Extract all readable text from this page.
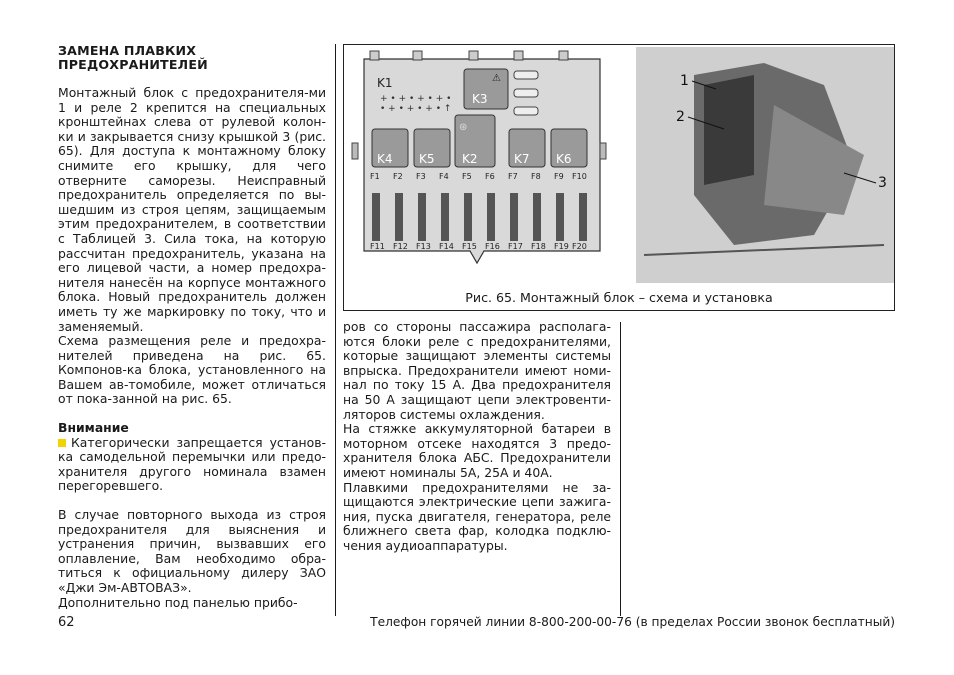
ЗАМЕНА ПЛАВКИХ
ПРЕДОХРАНИТЕЛЕЙ

Монтажный блок с предохранителя-ми 1 и реле 2 крепится на специальных кронштейнах слева от рулевой колон-ки и закрывается снизу крышкой 3 (рис. 65). Для доступа к монтажному блоку снимите его крышку, для чего отверните саморезы. Неисправный предохранитель определяется по вы-шедшим из строя цепям, защищаемым этим предохранителем, в соответствии с Таблицей 3. Сила тока, на которую рассчитан предохранитель, указана на его лицевой части, а номер предохра-нителя нанесён на корпусе монтажного блока. Новый предохранитель должен иметь ту же маркировку по току, что и заменяемый.

Схема размещения реле и предохра-нителей приведена на рис. 65. Компонов-ка блока, установленного на Вашем ав-томобиле, может отличаться от пока-занной на рис. 65.

Внимание

Категорически запрещается установ-ка самодельной перемычки или предо-хранителя другого номинала взамен перегоревшего.

В случае повторного выхода из строя предохранителя для выяснения и устранения причин, вызвавших его оплавление, Вам необходимо обра-титься к официальному дилеру ЗАО «Джи Эм-АВТОВАЗ».

Дополнительно под панелью прибо-

K1
+ • + • + • + •
• + • + • + • ↑
⚠
K3
K4 K5
⊛
K2	K7 K6
F1 F2 F3 F4 F5 F6 F7 F8 F9 F10
F11 F12 F13 F14 F15 F16 F17 F18 F19 F20
1
2
3
Рис. 65. Монтажный блок – схема и установка

ров со стороны пассажира располага-ются блоки реле с предохранителями, которые защищают элементы системы впрыска. Предохранители имеют номи-нал по току 15 А. Два предохранителя на 50 А защищают цепи электровенти-ляторов системы охлаждения.

На стяжке аккумуляторной батареи в моторном отсеке находятся 3 предо-хранителя блока АБС. Предохранители имеют номиналы 5А, 25А и 40А.

Плавкими предохранителями не за-щищаются электрические цепи зажига-ния, пуска двигателя, генератора, реле ближнего света фар, колодка подклю-чения аудиоаппаратуры.

62	Телефон горячей линии 8-800-200-00-76 (в пределах России звонок бесплатный)
